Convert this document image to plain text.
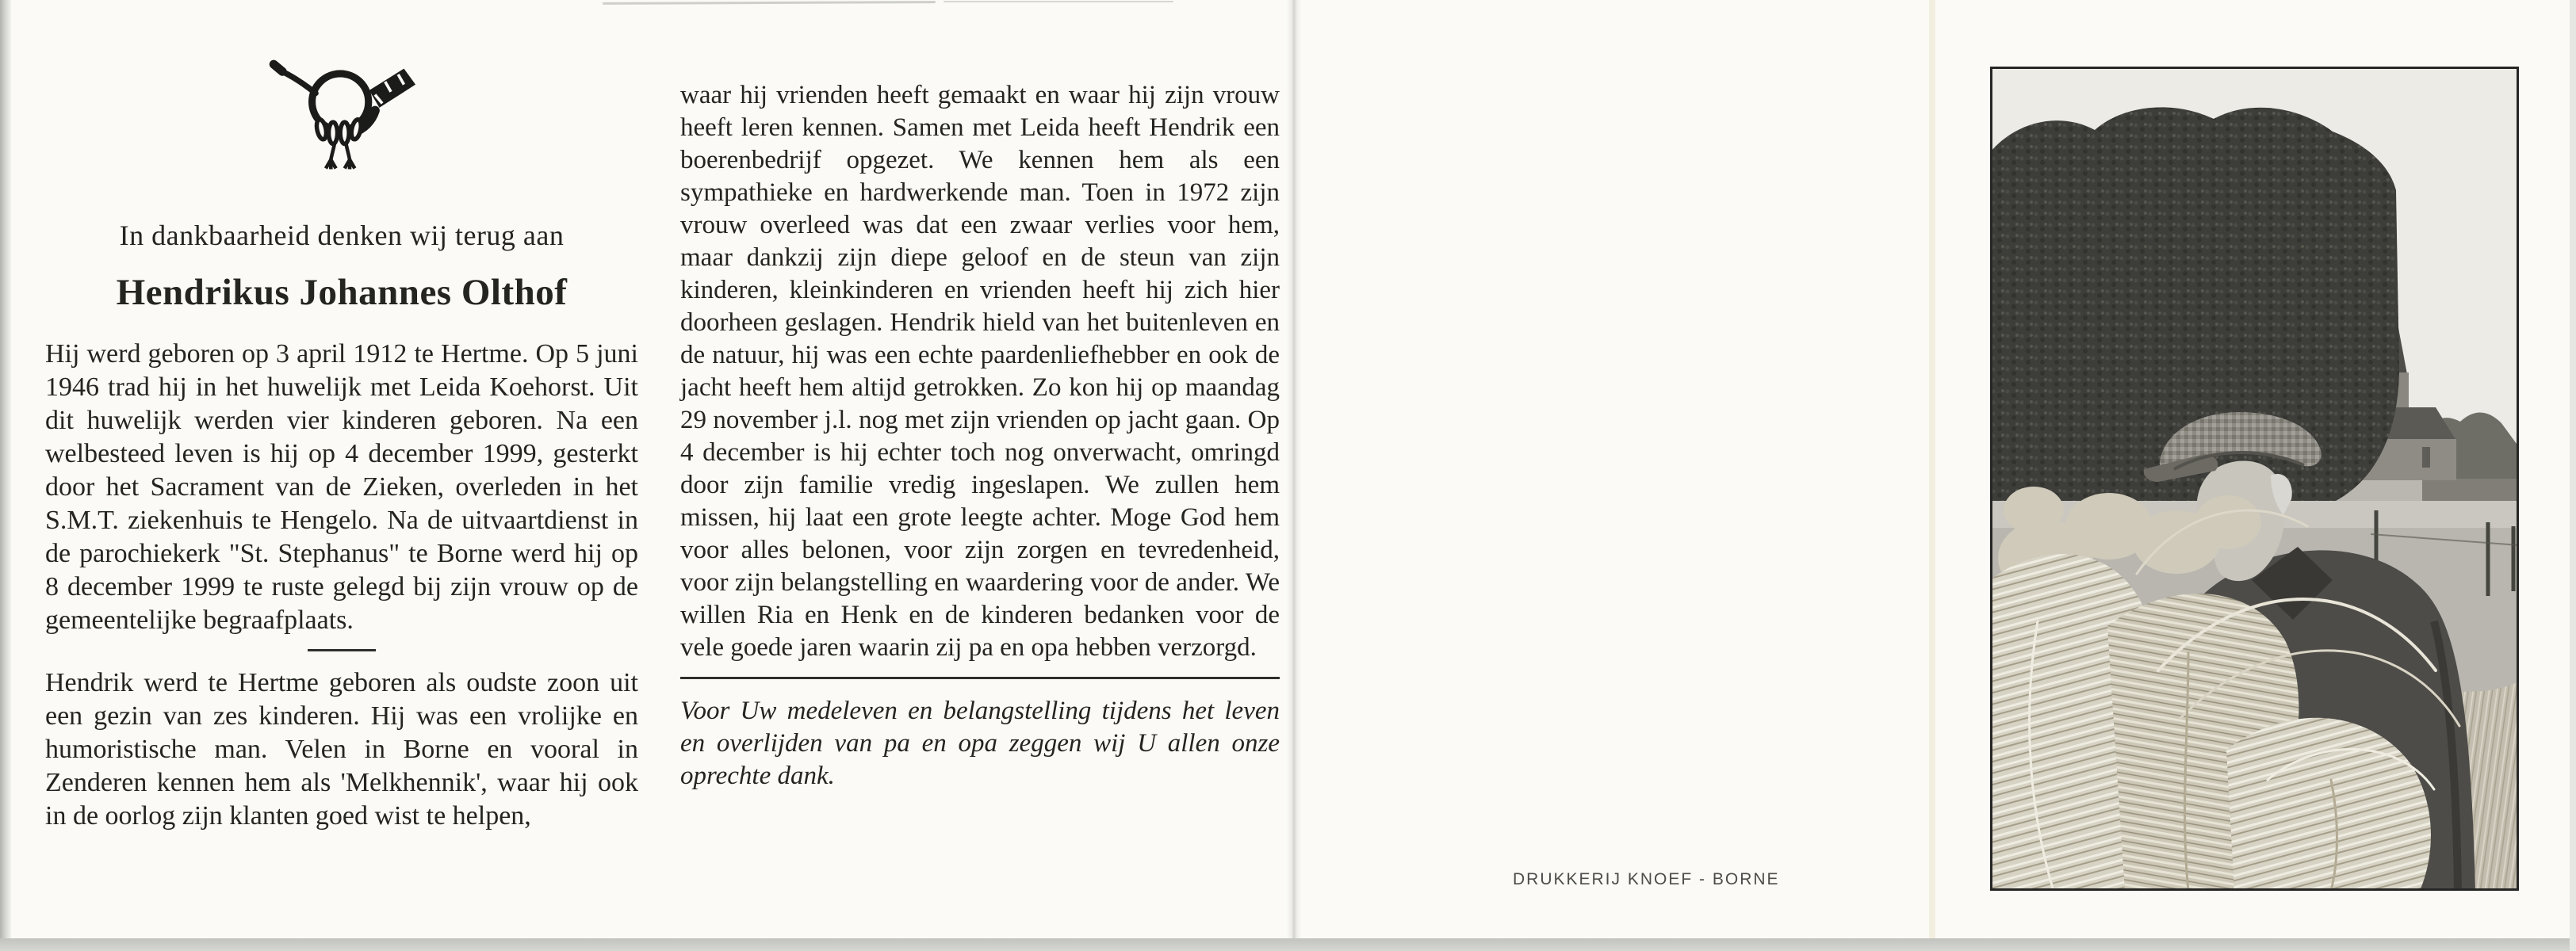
In dankbaarheid denken wij terug aan
Hendrikus Johannes Olthof

Hij werd geboren op 3 april 1912 te Hertme. Op 5 juni 1946 trad hij in het huwelijk met Leida Koehorst. Uit dit huwelijk werden vier kinderen geboren. Na een welbesteed leven is hij op 4 december 1999, gesterkt door het Sacrament van de Zieken, overleden in het S.M.T. ziekenhuis te Hengelo. Na de uitvaartdienst in de parochiekerk "St. Stephanus" te Borne werd hij op 8 december 1999 te ruste gelegd bij zijn vrouw op de gemeentelijke begraafplaats.

Hendrik werd te Hertme geboren als oudste zoon uit een gezin van zes kinderen. Hij was een vrolijke en humoristische man. Velen in Borne en vooral in Zenderen kennen hem als 'Melkhennik', waar hij ook in de oorlog zijn klanten goed wist te helpen,

waar hij vrienden heeft gemaakt en waar hij zijn vrouw heeft leren kennen. Samen met Leida heeft Hendrik een boerenbedrijf opgezet. We kennen hem als een sympathieke en hardwerkende man. Toen in 1972 zijn vrouw overleed was dat een zwaar verlies voor hem, maar dankzij zijn diepe geloof en de steun van zijn kinderen, kleinkinderen en vrienden heeft hij zich hier doorheen geslagen. Hendrik hield van het buitenleven en de natuur, hij was een echte paardenliefhebber en ook de jacht heeft hem altijd getrokken. Zo kon hij op maandag 29 november j.l. nog met zijn vrienden op jacht gaan. Op 4 december is hij echter toch nog onverwacht, omringd door zijn familie vredig ingeslapen. We zullen hem missen, hij laat een grote leegte achter. Moge God hem voor alles belonen, voor zijn zorgen en tevredenheid, voor zijn belangstelling en waardering voor de ander. We willen Ria en Henk en de kinderen bedanken voor de vele goede jaren waarin zij pa en opa hebben verzorgd.

Voor Uw medeleven en belangstelling tijdens het leven en overlijden van pa en opa zeggen wij U allen onze oprechte dank.

DRUKKERIJ KNOEF - BORNE
